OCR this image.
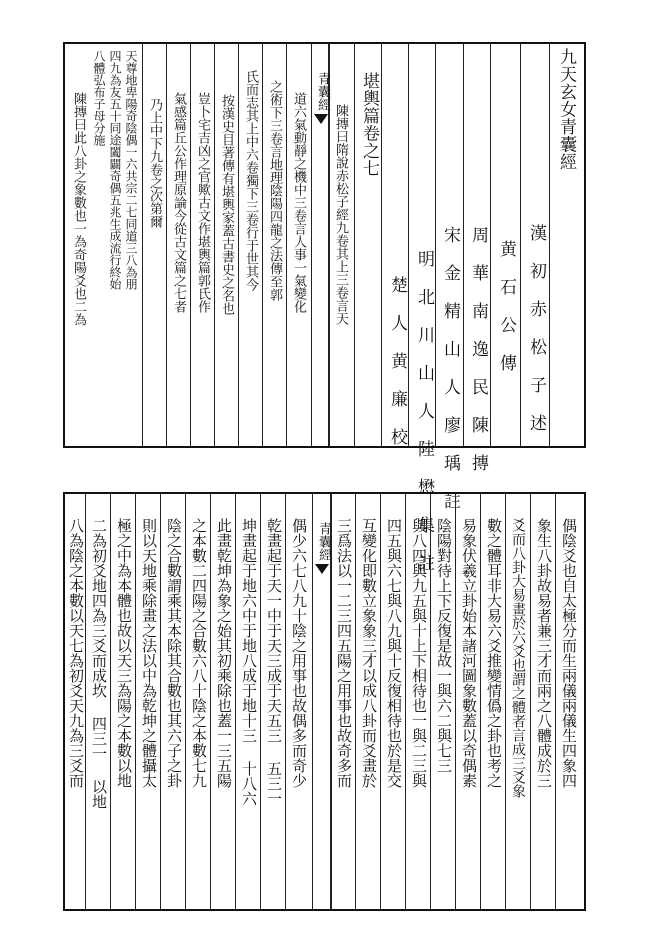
九天玄女青囊經
漢 初 赤 松 子 述
黄 石 公 傳
周 華 南 逸 民 陳 摶
宋 金 精 山 人 廖 瑀 註
明 北 川 山 人 陸 懋 集 註
楚 人 黄 廉 校
堪輿篇卷之七
陳摶曰隋說赤松子經九卷其上三卷言天
青囊經
道六氣動靜之機中三卷言人事一氣變化
之術下三卷言地理陰陽四龍之法傳至郭
氏而志其上中六卷獨下三卷行于世其今
按漢史目著傳有堪輿家蓋古書史之名也
豈卜宅吉凶之官歟古文作堪輿篇郭氏作
氣感篇丘公作理原論今從古文篇之七者
乃上中下九卷之次第爾
天尊地卑陽奇陰偶一六共宗二七同道三八為朋
四九為友五十同途闔闢奇偶五兆生成流行終始
八體弘布子母分施
陳摶曰此八卦之象數也一為奇陽爻也二為
偶陰爻也自太極分而生兩儀兩儀生四象四
象生八卦故易者兼三才而兩之八體成於三
爻而八卦大易畫於六爻也謂之體者言成三爻象
數之體耳非大易六爻推變情僞之卦也考之
易象伏羲立卦始本諸河圖象數蓋以奇偶素
陰陽對待上下反復是故一與六二與七三
與八四與九五與十上下相待也一與二三與
四五與六七與八九與十反復相待也於是交
互變化即數立象象三才以成八卦而爻畫於
三爲法以一二三四五陽之用事也故奇多而
青囊經
偶少六七八九十陰之用事也故偶多而奇少
乾畫起于天一中于天三成于天五三 五三一
坤畫起于地六中于地八成于地十三 十八六
此畫乾坤為象之始其初乘除也蓋一三五陽
之本數二四陽之合數六八十陰之本數七九
陰之合數謂乘其本除其合數也其六子之卦
則以天地乘除畫之法以中為乾坤之體攝太
極之中為本體也故以天三為陽之本數以地
二為初爻地四為三爻而成坎 四三一 以地
八為陰之本數以天七為初爻天九為三爻而
